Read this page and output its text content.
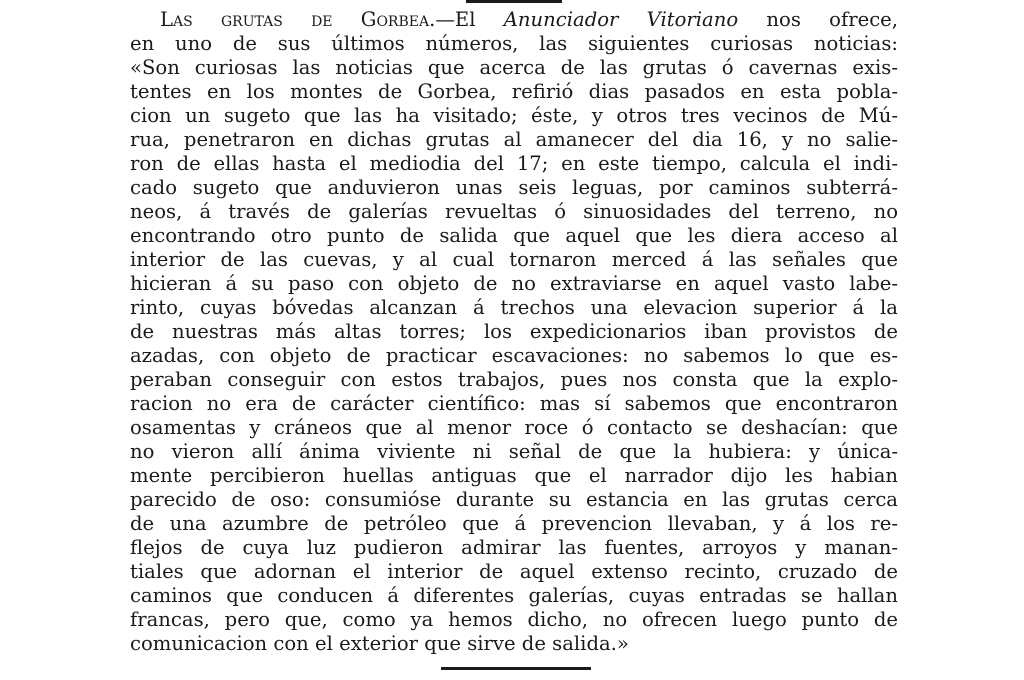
Las grutas de Gorbea.—El Anunciador Vitoriano nos ofrece,
en uno de sus últimos números, las siguientes curiosas noticias:
«Son curiosas las noticias que acerca de las grutas ó cavernas exis-
tentes en los montes de Gorbea, refirió dias pasados en esta pobla-
cion un sugeto que las ha visitado; éste, y otros tres vecinos de Mú-
rua, penetraron en dichas grutas al amanecer del dia 16, y no salie-
ron de ellas hasta el mediodia del 17; en este tiempo, calcula el indi-
cado sugeto que anduvieron unas seis leguas, por caminos subterrá-
neos, á través de galerías revueltas ó sinuosidades del terreno, no
encontrando otro punto de salida que aquel que les diera acceso al
interior de las cuevas, y al cual tornaron merced á las señales que
hicieran á su paso con objeto de no extraviarse en aquel vasto labe-
rinto, cuyas bóvedas alcanzan á trechos una elevacion superior á la
de nuestras más altas torres; los expedicionarios iban provistos de
azadas, con objeto de practicar escavaciones: no sabemos lo que es-
peraban conseguir con estos trabajos, pues nos consta que la explo-
racion no era de carácter científico: mas sí sabemos que encontraron
osamentas y cráneos que al menor roce ó contacto se deshacían: que
no vieron allí ánima viviente ni señal de que la hubiera: y única-
mente percibieron huellas antiguas que el narrador dijo les habian
parecido de oso: consumióse durante su estancia en las grutas cerca
de una azumbre de petróleo que á prevencion llevaban, y á los re-
flejos de cuya luz pudieron admirar las fuentes, arroyos y manan-
tiales que adornan el interior de aquel extenso recinto, cruzado de
caminos que conducen á diferentes galerías, cuyas entradas se hallan
francas, pero que, como ya hemos dicho, no ofrecen luego punto de
comunicacion con el exterior que sirve de salida.»
